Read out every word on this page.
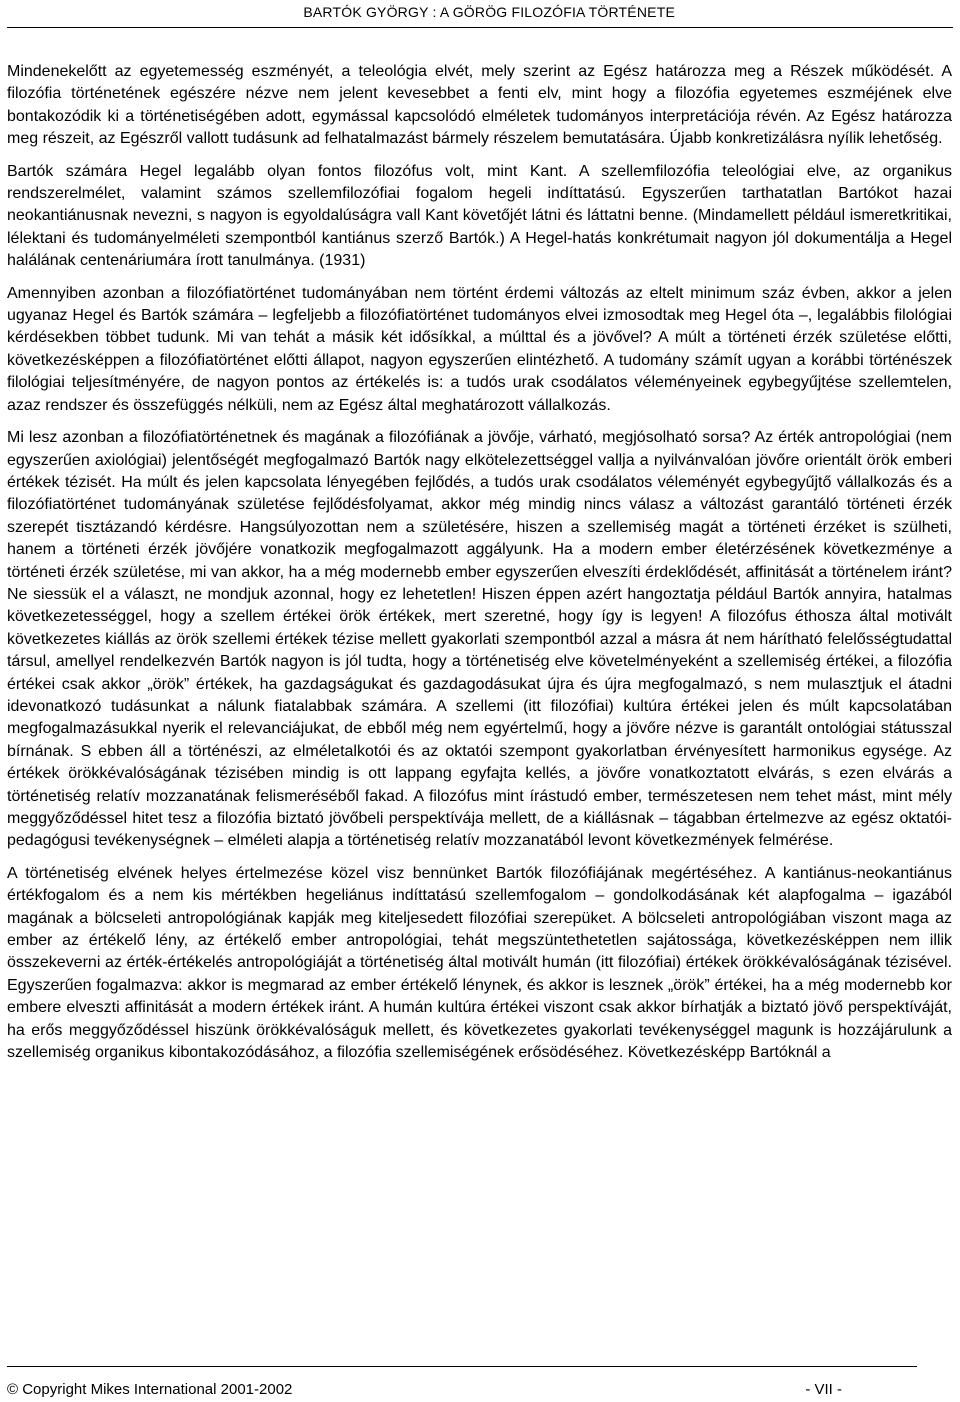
BARTÓK GYÖRGY : A GÖRÖG FILOZÓFIA TÖRTÉNETE

Mindenekelőtt az egyetemesség eszményét, a teleológia elvét, mely szerint az Egész határozza meg a Részek működését. A filozófia történetének egészére nézve nem jelent kevesebbet a fenti elv, mint hogy a filozófia egyetemes eszméjének elve bontakozódik ki a történetiségében adott, egymással kapcsolódó elméletek tudományos interpretációja révén. Az Egész határozza meg részeit, az Egészről vallott tudásunk ad felhatalmazást bármely részelem bemutatására. Újabb konkretizálásra nyílik lehetőség.

Bartók számára Hegel legalább olyan fontos filozófus volt, mint Kant. A szellemfilozófia teleológiai elve, az organikus rendszerelmélet, valamint számos szellemfilozófiai fogalom hegeli indíttatású. Egyszerűen tarthatatlan Bartókot hazai neokantiánusnak nevezni, s nagyon is egyoldalúságra vall Kant követőjét látni és láttatni benne. (Mindamellett például ismeretkritikai, lélektani és tudományelméleti szempontból kantiánus szerző Bartók.) A Hegel-hatás konkrétumait nagyon jól dokumentálja a Hegel halálának centenáriumára írott tanulmánya. (1931)

Amennyiben azonban a filozófiatörténet tudományában nem történt érdemi változás az eltelt minimum száz évben, akkor a jelen ugyanaz Hegel és Bartók számára – legfeljebb a filozófiatörténet tudományos elvei izmosodtak meg Hegel óta –, legalábbis filológiai kérdésekben többet tudunk. Mi van tehát a másik két idősíkkal, a múlttal és a jövővel? A múlt a történeti érzék születése előtti, következésképpen a filozófiatörténet előtti állapot, nagyon egyszerűen elintézhető. A tudomány számít ugyan a korábbi történészek filológiai teljesítményére, de nagyon pontos az értékelés is: a tudós urak csodálatos véleményeinek egybegyűjtése szellemtelen, azaz rendszer és összefüggés nélküli, nem az Egész által meghatározott vállalkozás.

Mi lesz azonban a filozófiatörténetnek és magának a filozófiának a jövője, várható, megjósolható sorsa? Az érték antropológiai (nem egyszerűen axiológiai) jelentőségét megfogalmazó Bartók nagy elkötelezettséggel vallja a nyilvánvalóan jövőre orientált örök emberi értékek tézisét. Ha múlt és jelen kapcsolata lényegében fejlődés, a tudós urak csodálatos véleményét egybegyűjtő vállalkozás és a filozófiatörténet tudományának születése fejlődésfolyamat, akkor még mindig nincs válasz a változást garantáló történeti érzék szerepét tisztázandó kérdésre. Hangsúlyozottan nem a születésére, hiszen a szellemiség magát a történeti érzéket is szülheti, hanem a történeti érzék jövőjére vonatkozik megfogalmazott aggályunk. Ha a modern ember életérzésének következménye a történeti érzék születése, mi van akkor, ha a még modernebb ember egyszerűen elveszíti érdeklődését, affinitását a történelem iránt? Ne siessük el a választ, ne mondjuk azonnal, hogy ez lehetetlen! Hiszen éppen azért hangoztatja például Bartók annyira, hatalmas következetességgel, hogy a szellem értékei örök értékek, mert szeretné, hogy így is legyen! A filozófus éthosza által motivált következetes kiállás az örök szellemi értékek tézise mellett gyakorlati szempontból azzal a másra át nem hárítható felelősségtudattal társul, amellyel rendelkezvén Bartók nagyon is jól tudta, hogy a történetiség elve követelményeként a szellemiség értékei, a filozófia értékei csak akkor „örök” értékek, ha gazdagságukat és gazdagodásukat újra és újra megfogalmazó, s nem mulasztjuk el átadni idevonatkozó tudásunkat a nálunk fiatalabbak számára. A szellemi (itt filozófiai) kultúra értékei jelen és múlt kapcsolatában megfogalmazásukkal nyerik el relevanciájukat, de ebből még nem egyértelmű, hogy a jövőre nézve is garantált ontológiai státusszal bírnának. S ebben áll a történészi, az elméletalkotói és az oktatói szempont gyakorlatban érvényesített harmonikus egysége. Az értékek örökkévalóságának tézisében mindig is ott lappang egyfajta kellés, a jövőre vonatkoztatott elvárás, s ezen elvárás a történetiség relatív mozzanatának felismeréséből fakad. A filozófus mint írástudó ember, természetesen nem tehet mást, mint mély meggyőződéssel hitet tesz a filozófia biztató jövőbeli perspektívája mellett, de a kiállásnak – tágabban értelmezve az egész oktatói-pedagógusi tevékenységnek – elméleti alapja a történetiség relatív mozzanatából levont következmények felmérése.

A történetiség elvének helyes értelmezése közel visz bennünket Bartók filozófiájának megértéséhez. A kantiánus-neokantiánus értékfogalom és a nem kis mértékben hegeliánus indíttatású szellemfogalom – gondolkodásának két alapfogalma – igazából magának a bölcseleti antropológiának kapják meg kiteljesedett filozófiai szerepüket. A bölcseleti antropológiában viszont maga az ember az értékelő lény, az értékelő ember antropológiai, tehát megszüntethetetlen sajátossága, következésképpen nem illik összekeverni az érték-értékelés antropológiáját a történetiség által motivált humán (itt filozófiai) értékek örökkévalóságának tézisével. Egyszerűen fogalmazva: akkor is megmarad az ember értékelő lénynek, és akkor is lesznek „örök” értékei, ha a még modernebb kor embere elveszti affinitását a modern értékek iránt. A humán kultúra értékei viszont csak akkor bírhatják a biztató jövő perspektíváját, ha erős meggyőződéssel hiszünk örökkévalóságuk mellett, és következetes gyakorlati tevékenységgel magunk is hozzájárulunk a szellemiség organikus kibontakozódásához, a filozófia szellemiségének erősödéséhez. Következésképp Bartóknál a

© Copyright Mikes International 2001-2002	- VII -
